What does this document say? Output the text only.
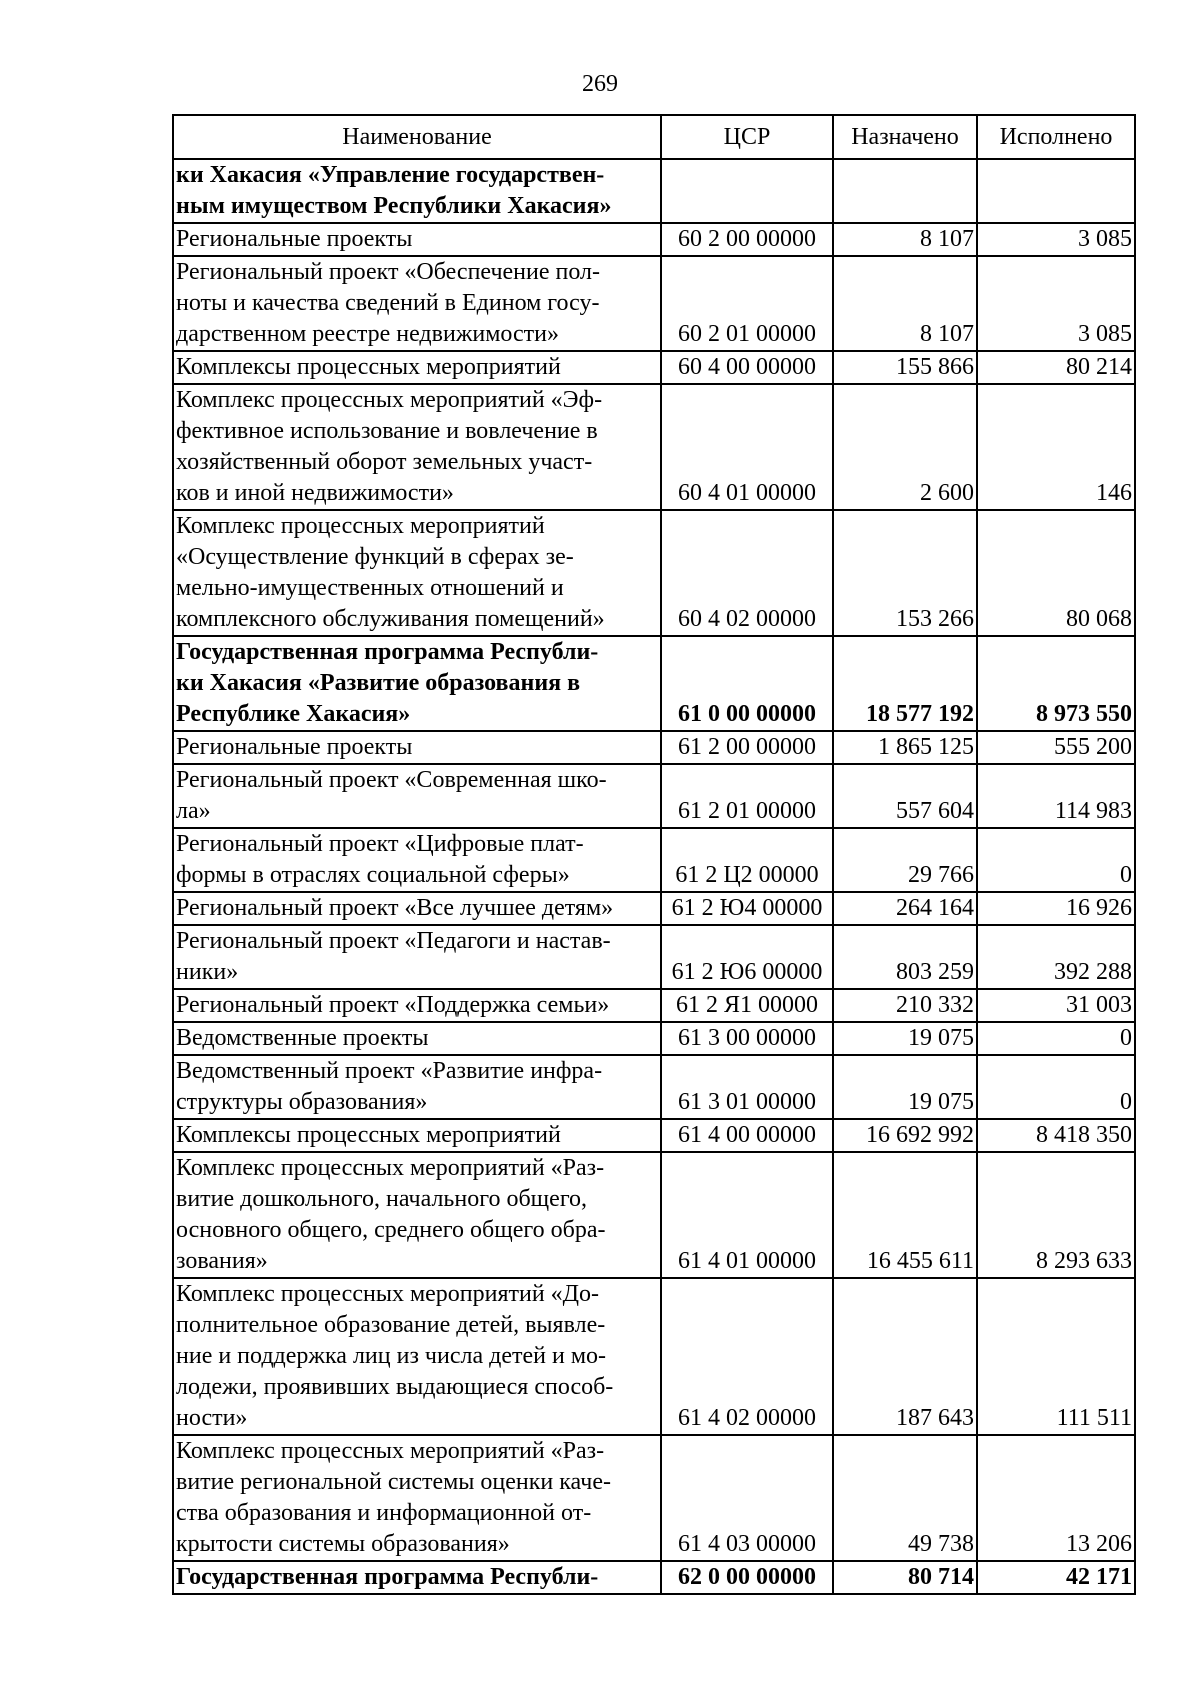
269
Наименование	ЦСР	Назначено	Исполнено
ки Хакасия «Управление государствен-
ным имуществом Республики Хакасия»			
Региональные проекты	60 2 00 00000	8 107	3 085
Региональный проект «Обеспечение пол-
ноты и качества сведений в Едином госу-
дарственном реестре недвижимости»	60 2 01 00000	8 107	3 085
Комплексы процессных мероприятий	60 4 00 00000	155 866	80 214
Комплекс процессных мероприятий «Эф-
фективное использование и вовлечение в
хозяйственный оборот земельных участ-
ков и иной недвижимости»	60 4 01 00000	2 600	146
Комплекс процессных мероприятий
«Осуществление функций в сферах зе-
мельно-имущественных отношений и
комплексного обслуживания помещений»	60 4 02 00000	153 266	80 068
Государственная программа Республи-
ки Хакасия «Развитие образования в
Республике Хакасия»	61 0 00 00000	18 577 192	8 973 550
Региональные проекты	61 2 00 00000	1 865 125	555 200
Региональный проект «Современная шко-
ла»	61 2 01 00000	557 604	114 983
Региональный проект «Цифровые плат-
формы в отраслях социальной сферы»	61 2 Ц2 00000	29 766	0
Региональный проект «Все лучшее детям»	61 2 Ю4 00000	264 164	16 926
Региональный проект «Педагоги и настав-
ники»	61 2 Ю6 00000	803 259	392 288
Региональный проект «Поддержка семьи»	61 2 Я1 00000	210 332	31 003
Ведомственные проекты	61 3 00 00000	19 075	0
Ведомственный проект «Развитие инфра-
структуры образования»	61 3 01 00000	19 075	0
Комплексы процессных мероприятий	61 4 00 00000	16 692 992	8 418 350
Комплекс процессных мероприятий «Раз-
витие дошкольного, начального общего,
основного общего, среднего общего обра-
зования»	61 4 01 00000	16 455 611	8 293 633
Комплекс процессных мероприятий «До-
полнительное образование детей, выявле-
ние и поддержка лиц из числа детей и мо-
лодежи, проявивших выдающиеся способ-
ности»	61 4 02 00000	187 643	111 511
Комплекс процессных мероприятий «Раз-
витие региональной системы оценки каче-
ства образования и информационной от-
крытости системы образования»	61 4 03 00000	49 738	13 206
Государственная программа Республи-	62 0 00 00000	80 714	42 171
